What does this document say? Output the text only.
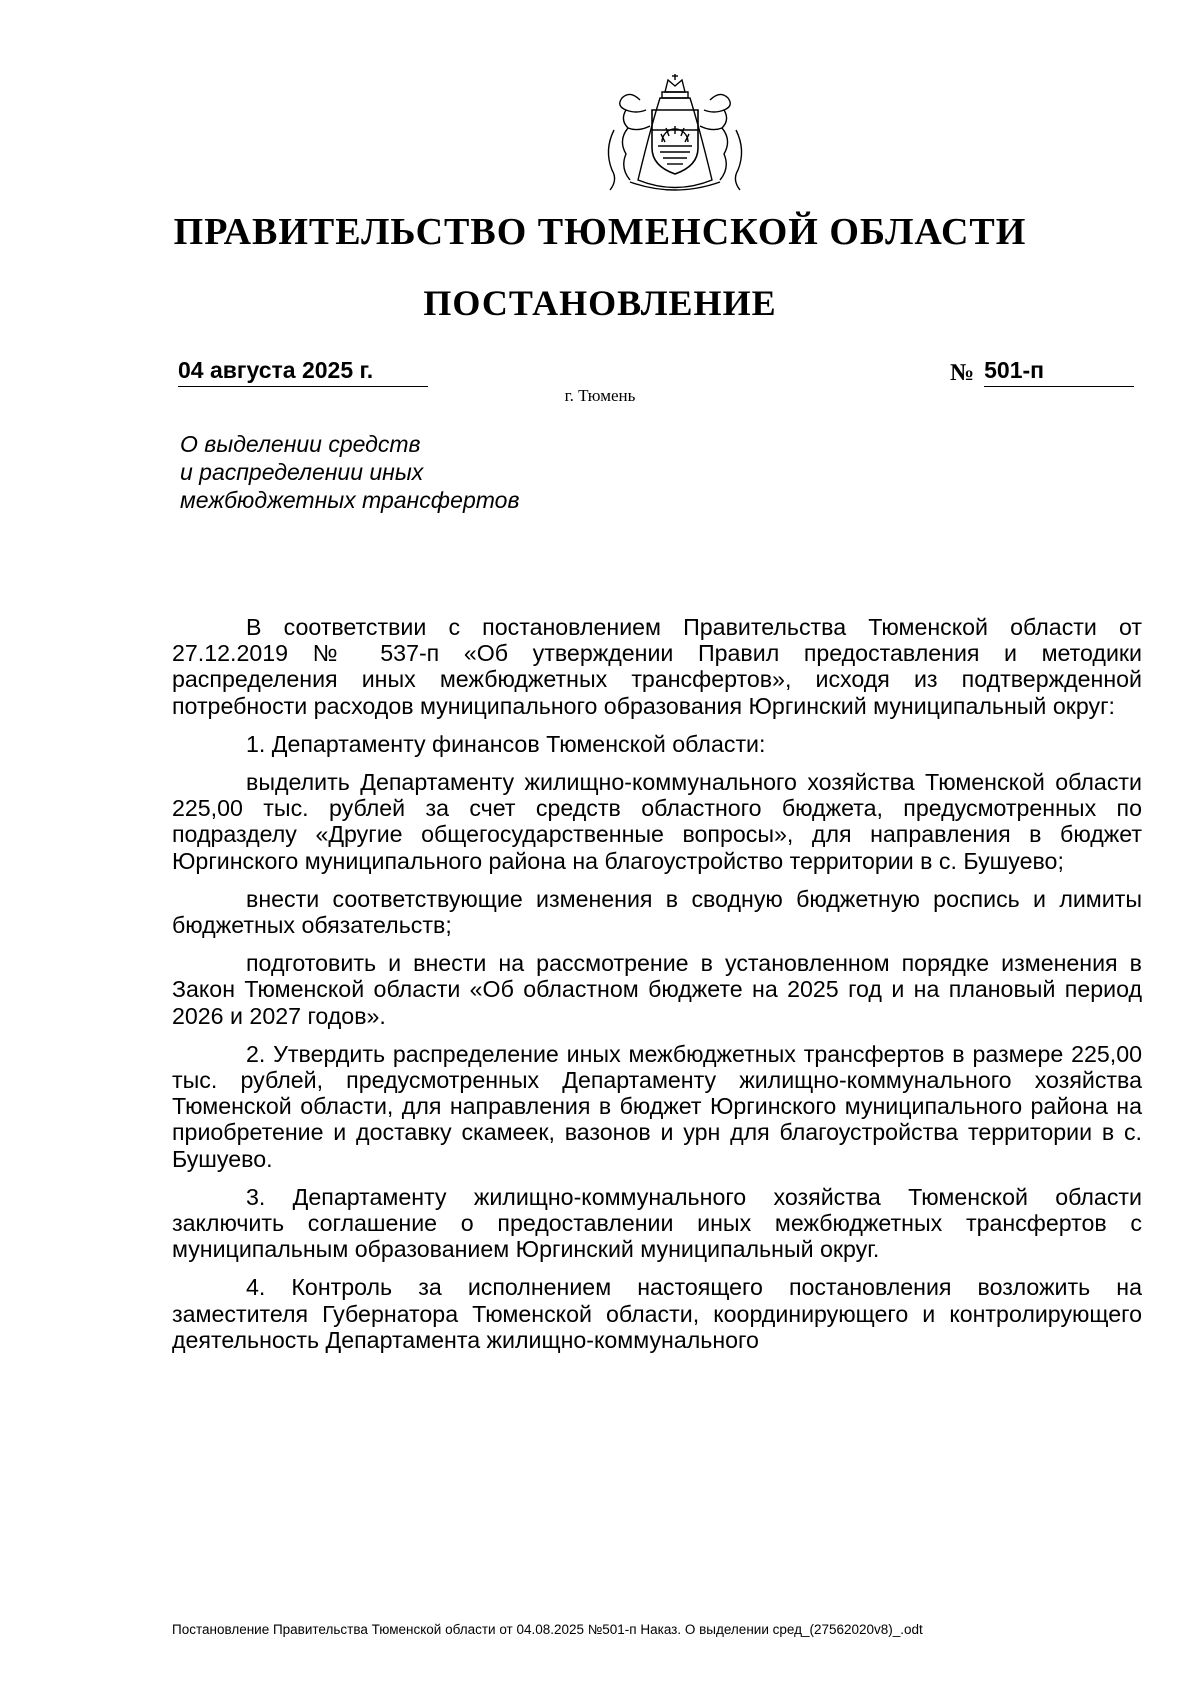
ПРАВИТЕЛЬСТВО ТЮМЕНСКОЙ ОБЛАСТИ
ПОСТАНОВЛЕНИЕ
04 августа 2025 г.	№ 501-п
г. Тюмень
О выделении средств
и распределении иных
межбюджетных трансфертов

В соответствии с постановлением Правительства Тюменской области от 27.12.2019 № 537-п «Об утверждении Правил предоставления и методики распределения иных межбюджетных трансфертов», исходя из подтвержденной потребности расходов муниципального образования Юргинский муниципальный округ:

1. Департаменту финансов Тюменской области:

выделить Департаменту жилищно-коммунального хозяйства Тюменской области 225,00 тыс. рублей за счет средств областного бюджета, предусмотренных по подразделу «Другие общегосударственные вопросы», для направления в бюджет Юргинского муниципального района на благоустройство территории в с. Бушуево;

внести соответствующие изменения в сводную бюджетную роспись и лимиты бюджетных обязательств;

подготовить и внести на рассмотрение в установленном порядке изменения в Закон Тюменской области «Об областном бюджете на 2025 год и на плановый период 2026 и 2027 годов».

2. Утвердить распределение иных межбюджетных трансфертов в размере 225,00 тыс. рублей, предусмотренных Департаменту жилищно-коммунального хозяйства Тюменской области, для направления в бюджет Юргинского муниципального района на приобретение и доставку скамеек, вазонов и урн для благоустройства территории в с. Бушуево.

3. Департаменту жилищно-коммунального хозяйства Тюменской области заключить соглашение о предоставлении иных межбюджетных трансфертов с муниципальным образованием Юргинский муниципальный округ.

4. Контроль за исполнением настоящего постановления возложить на заместителя Губернатора Тюменской области, координирующего и контролирующего деятельность Департамента жилищно-коммунального

Постановление Правительства Тюменской области от 04.08.2025 №501-п Наказ. О выделении сред_(27562020v8)_.odt
